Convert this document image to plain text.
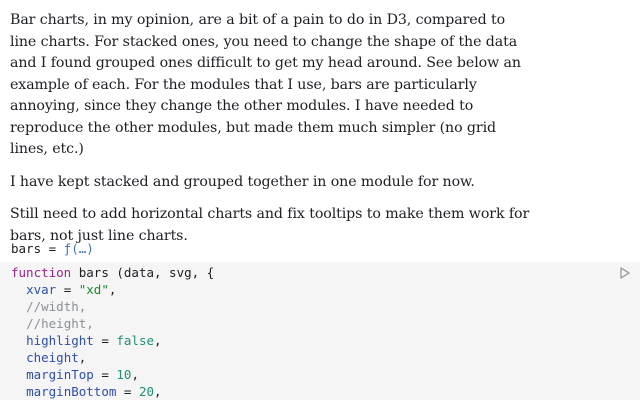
Bar charts, in my opinion, are a bit of a pain to do in D3, compared to line charts. For stacked ones, you need to change the shape of the data and I found grouped ones difficult to get my head around. See below an example of each. For the modules that I use, bars are particularly annoying, since they change the other modules. I have needed to reproduce the other modules, but made them much simpler (no grid lines, etc.)

I have kept stacked and grouped together in one module for now.

Still need to add horizontal charts and fix tooltips to make them work for bars, not just line charts.

bars = ƒ(…)
function bars (data, svg, {
xvar = "xd",
//width,
//height,
highlight = false,
cheight,
marginTop = 10,
marginBottom = 20,
